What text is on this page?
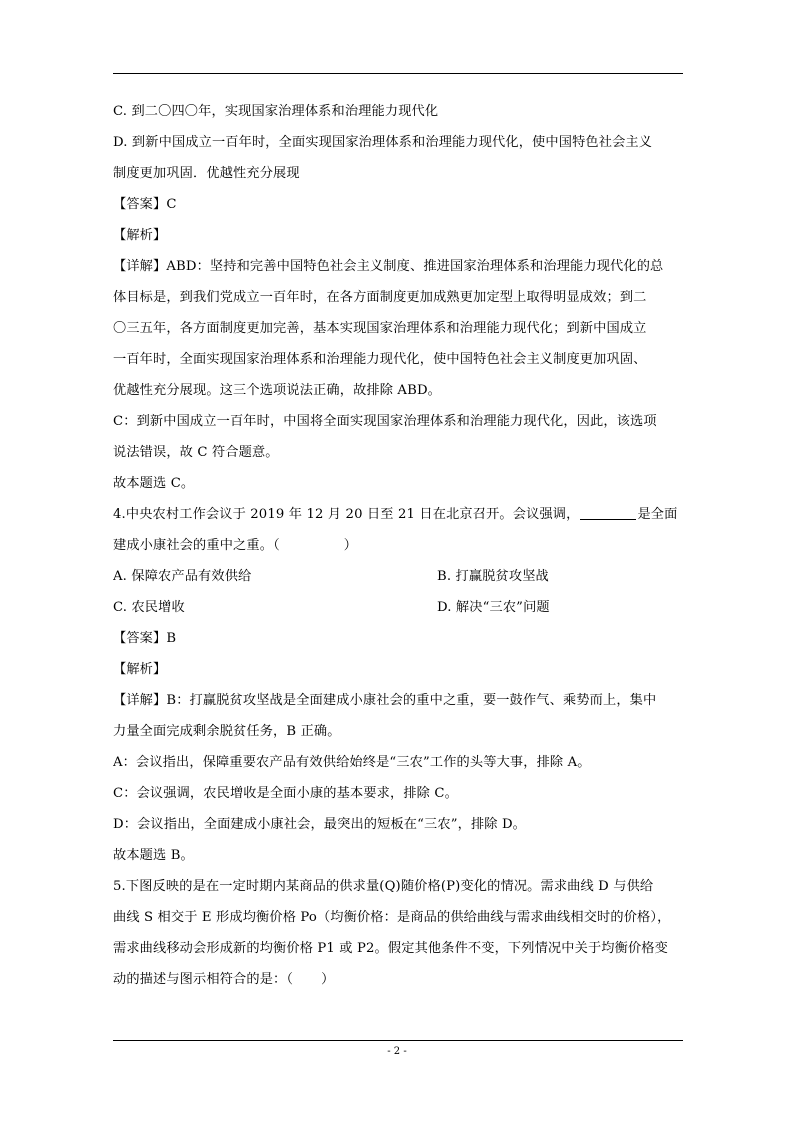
C. 到二〇四〇年，实现国家治理体系和治理能力现代化
D. 到新中国成立一百年时，全面实现国家治理体系和治理能力现代化，使中国特色社会主义
制度更加巩固．优越性充分展现
【答案】C
【解析】
【详解】ABD：坚持和完善中国特色社会主义制度、推进国家治理体系和治理能力现代化的总
体目标是，到我们党成立一百年时，在各方面制度更加成熟更加定型上取得明显成效；到二
〇三五年，各方面制度更加完善，基本实现国家治理体系和治理能力现代化；到新中国成立
一百年时，全面实现国家治理体系和治理能力现代化，使中国特色社会主义制度更加巩固、
优越性充分展现。这三个选项说法正确，故排除 ABD。
C：到新中国成立一百年时，中国将全面实现国家治理体系和治理能力现代化，因此，该选项
说法错误，故 C 符合题意。
故本题选 C。
4.中央农村工作会议于 2019 年 12 月 20 日至 21 日在北京召开。会议强调，	是全面
建成小康社会的重中之重。（	）
A. 保障农产品有效供给	B. 打赢脱贫攻坚战
C. 农民增收	D. 解决“三农”问题
【答案】B
【解析】
【详解】B：打赢脱贫攻坚战是全面建成小康社会的重中之重，要一鼓作气、乘势而上，集中
力量全面完成剩余脱贫任务，B 正确。
A：会议指出，保障重要农产品有效供给始终是“三农”工作的头等大事，排除 A。
C：会议强调，农民增收是全面小康的基本要求，排除 C。
D：会议指出，全面建成小康社会，最突出的短板在“三农”，排除 D。
故本题选 B。
5.下图反映的是在一定时期内某商品的供求量(Q)随价格(P)变化的情况。需求曲线 D 与供给
曲线 S 相交于 E 形成均衡价格 Po（均衡价格：是商品的供给曲线与需求曲线相交时的价格），
需求曲线移动会形成新的均衡价格 P1 或 P2。假定其他条件不变，下列情况中关于均衡价格变
动的描述与图示相符合的是：（ ）
- 2 -
